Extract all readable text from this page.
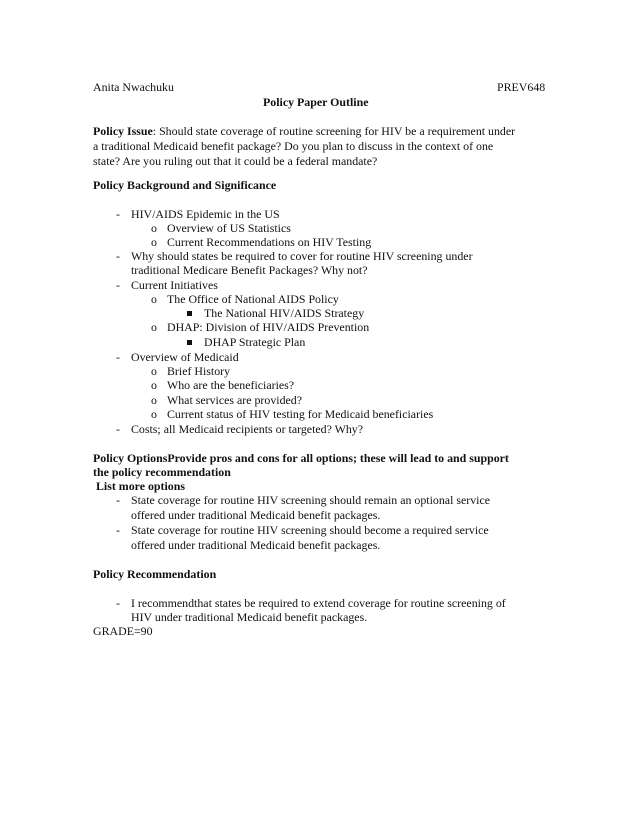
Anita Nwachuku	PREV648
Policy Paper Outline
Policy Issue: Should state coverage of routine screening for HIV be a requirement under
a traditional Medicaid benefit package? Do you plan to discuss in the context of one
state? Are you ruling out that it could be a federal mandate?
Policy Background and Significance
- HIV/AIDS Epidemic in the US
o Overview of US Statistics
o Current Recommendations on HIV Testing
- Why should states be required to cover for routine HIV screening under
traditional Medicare Benefit Packages? Why not?
- Current Initiatives
o The Office of National AIDS Policy
The National HIV/AIDS Strategy
o DHAP: Division of HIV/AIDS Prevention
DHAP Strategic Plan
- Overview of Medicaid
o Brief History
o Who are the beneficiaries?
o What services are provided?
o Current status of HIV testing for Medicaid beneficiaries
- Costs; all Medicaid recipients or targeted? Why?
Policy OptionsProvide pros and cons for all options; these will lead to and support
the policy recommendation
List more options
- State coverage for routine HIV screening should remain an optional service
offered under traditional Medicaid benefit packages.
- State coverage for routine HIV screening should become a required service
offered under traditional Medicaid benefit packages.
Policy Recommendation
- I recommendthat states be required to extend coverage for routine screening of
HIV under traditional Medicaid benefit packages.
GRADE=90
